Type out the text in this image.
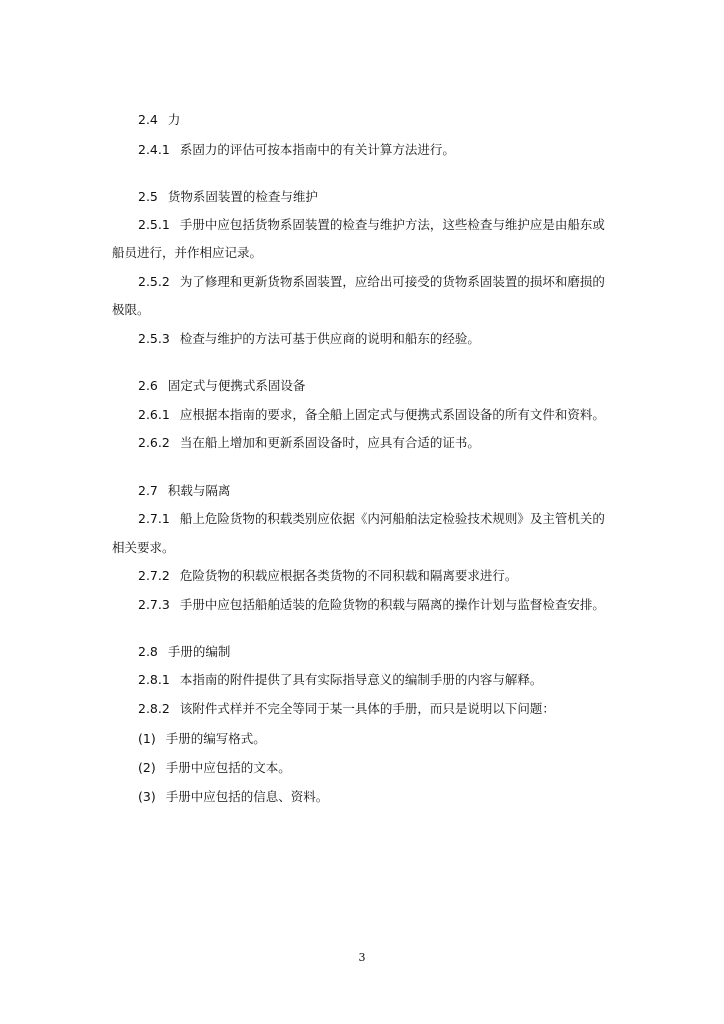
2.4 力
2.4.1 系固力的评估可按本指南中的有关计算方法进行。
2.5 货物系固装置的检查与维护
2.5.1 手册中应包括货物系固装置的检查与维护方法，这些检查与维护应是由船东或
船员进行，并作相应记录。
2.5.2 为了修理和更新货物系固装置，应给出可接受的货物系固装置的损坏和磨损的
极限。
2.5.3 检查与维护的方法可基于供应商的说明和船东的经验。
2.6 固定式与便携式系固设备
2.6.1 应根据本指南的要求，备全船上固定式与便携式系固设备的所有文件和资料。
2.6.2 当在船上增加和更新系固设备时，应具有合适的证书。
2.7 积载与隔离
2.7.1 船上危险货物的积载类别应依据《内河船舶法定检验技术规则》及主管机关的
相关要求。
2.7.2 危险货物的积载应根据各类货物的不同积载和隔离要求进行。
2.7.3 手册中应包括船舶适装的危险货物的积载与隔离的操作计划与监督检查安排。
2.8 手册的编制
2.8.1 本指南的附件提供了具有实际指导意义的编制手册的内容与解释。
2.8.2 该附件式样并不完全等同于某一具体的手册，而只是说明以下问题：
(1) 手册的编写格式。
(2) 手册中应包括的文本。
(3) 手册中应包括的信息、资料。
3
